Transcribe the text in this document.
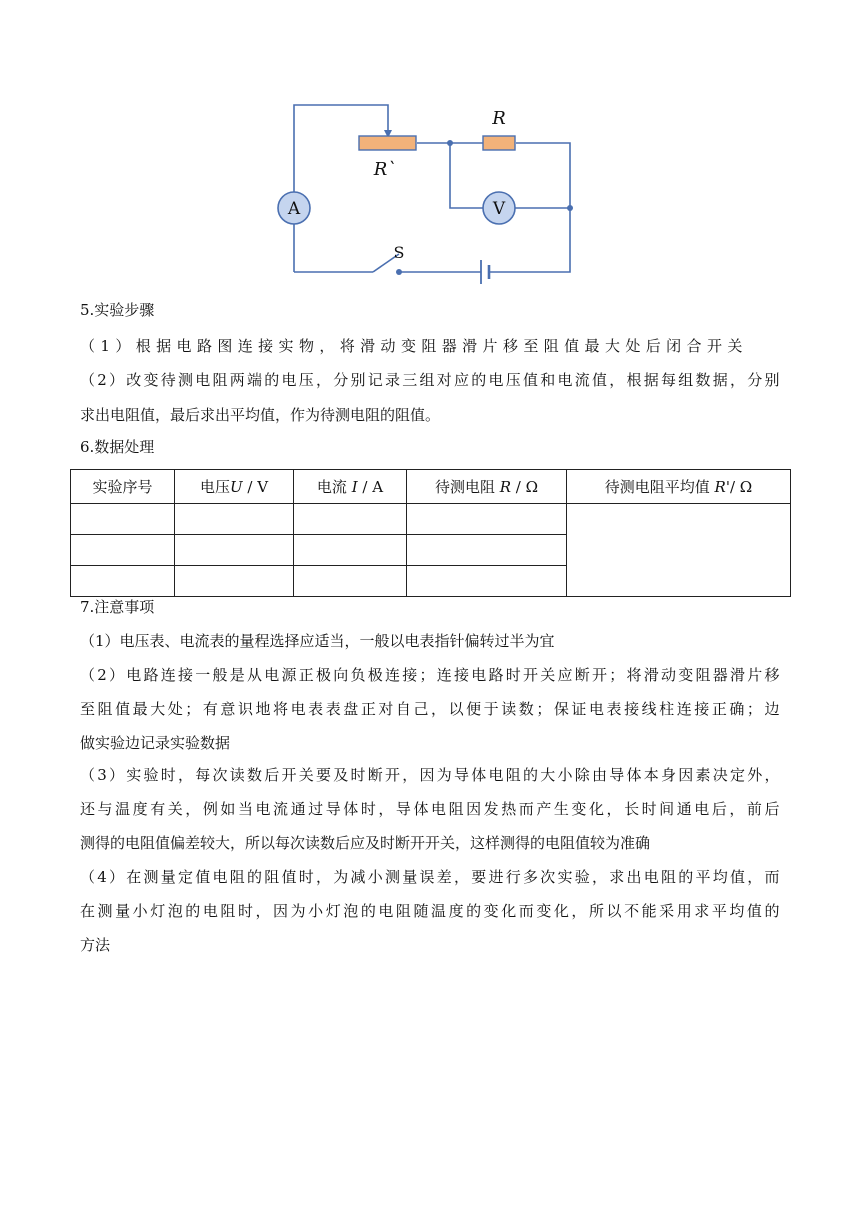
A	V
R
R`
S
5.实验步骤
（1）根据电路图连接实物，将滑动变阻器滑片移至阻值最大处后闭合开关
（2）改变待测电阻两端的电压，分别记录三组对应的电压值和电流值，根据每组数据，分别
求出电阻值，最后求出平均值，作为待测电阻的阻值。
6.数据处理
实验序号	电压U / V	电流 I / A	待测电阻 R / Ω	待测电阻平均值 R'/ Ω

7.注意事项
（1）电压表、电流表的量程选择应适当，一般以电表指针偏转过半为宜
（2）电路连接一般是从电源正极向负极连接；连接电路时开关应断开；将滑动变阻器滑片移
至阻值最大处；有意识地将电表表盘正对自己，以便于读数；保证电表接线柱连接正确；边
做实验边记录实验数据
（3）实验时，每次读数后开关要及时断开，因为导体电阻的大小除由导体本身因素决定外，
还与温度有关，例如当电流通过导体时，导体电阻因发热而产生变化，长时间通电后，前后
测得的电阻值偏差较大，所以每次读数后应及时断开开关，这样测得的电阻值较为准确
（4）在测量定值电阻的阻值时，为减小测量误差，要进行多次实验，求出电阻的平均值，而
在测量小灯泡的电阻时，因为小灯泡的电阻随温度的变化而变化，所以不能采用求平均值的
方法
